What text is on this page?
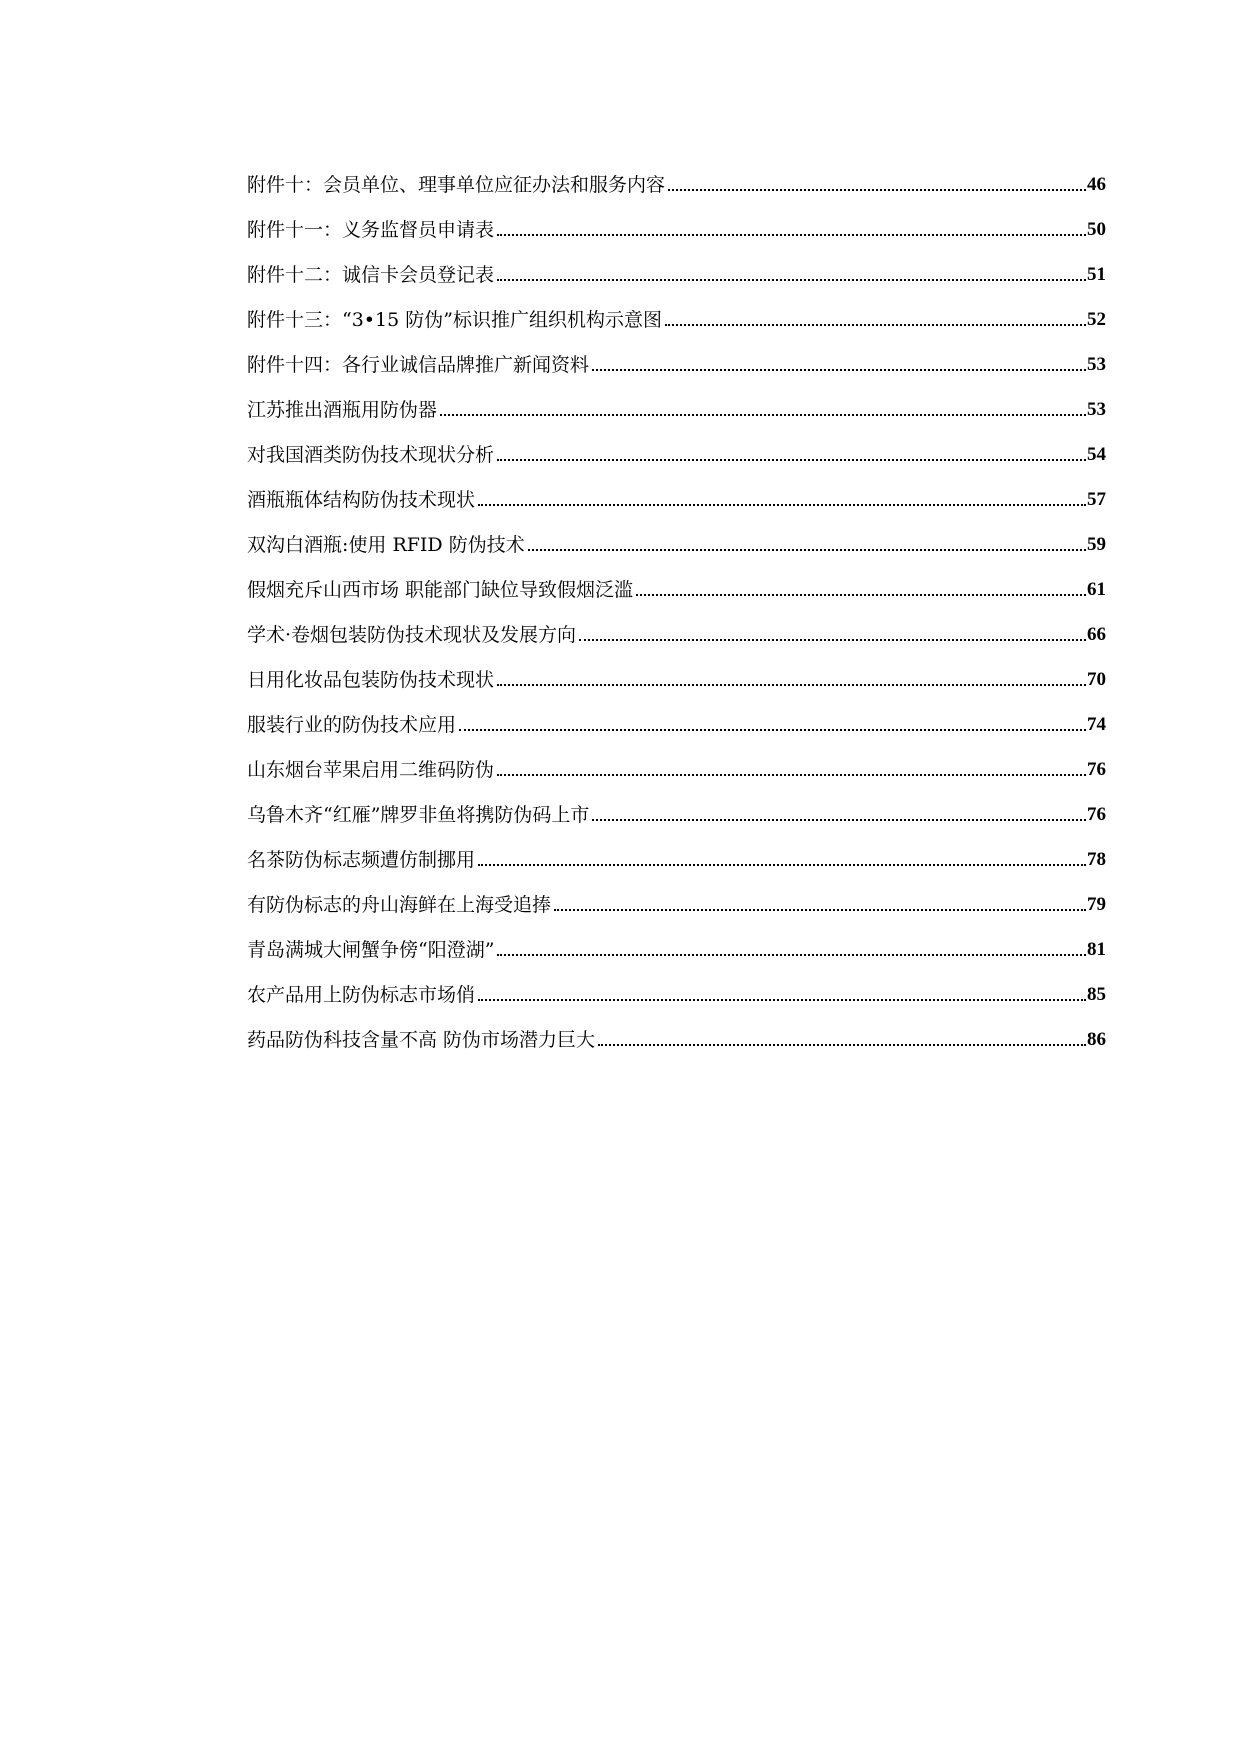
附件十：会员单位、理事单位应征办法和服务内容	46
附件十一：义务监督员申请表	50
附件十二：诚信卡会员登记表	51
附件十三：“3•15 防伪”标识推广组织机构示意图	52
附件十四：各行业诚信品牌推广新闻资料	53
江苏推出酒瓶用防伪器	53
对我国酒类防伪技术现状分析	54
酒瓶瓶体结构防伪技术现状	57
双沟白酒瓶:使用 RFID 防伪技术	59
假烟充斥山西市场 职能部门缺位导致假烟泛滥	61
学术·卷烟包装防伪技术现状及发展方向	66
日用化妆品包装防伪技术现状	70
服装行业的防伪技术应用	74
山东烟台苹果启用二维码防伪	76
乌鲁木齐“红雁”牌罗非鱼将携防伪码上市	76
名茶防伪标志频遭仿制挪用	78
有防伪标志的舟山海鲜在上海受追捧	79
青岛满城大闸蟹争傍“阳澄湖”	81
农产品用上防伪标志市场俏	85
药品防伪科技含量不高 防伪市场潜力巨大	86
